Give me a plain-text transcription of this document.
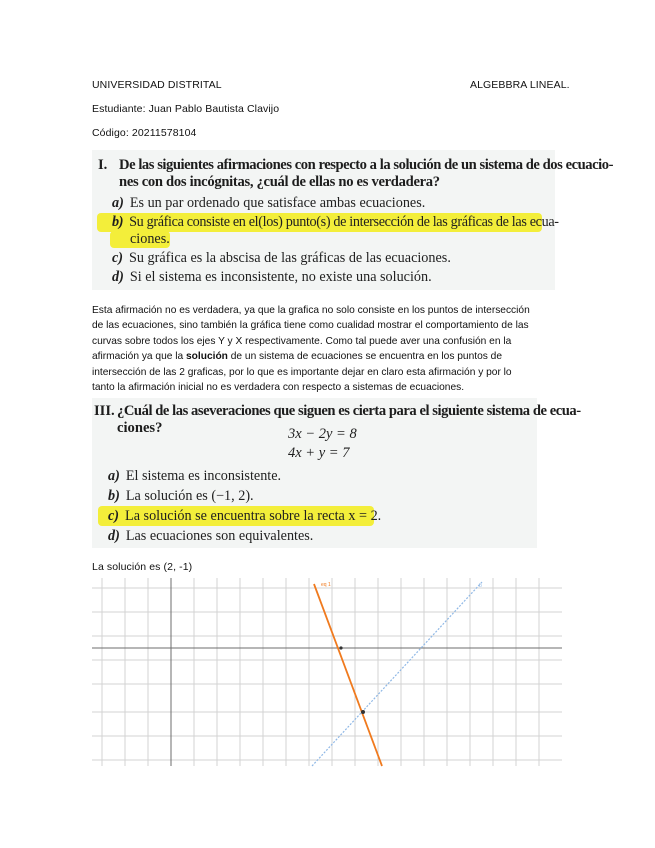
UNIVERSIDAD DISTRITAL	ALGEBBRA LINEAL.
Estudiante: Juan Pablo Bautista Clavijo
Código: 20211578104
I. De las siguientes afirmaciones con respecto a la solución de un sistema de dos ecuacio-
nes con dos incógnitas, ¿cuál de ellas no es verdadera?
a) Es un par ordenado que satisface ambas ecuaciones.
b) Su gráfica consiste en el(los) punto(s) de intersección de las gráficas de las ecua-
ciones.
c) Su gráfica es la abscisa de las gráficas de las ecuaciones.
d) Si el sistema es inconsistente, no existe una solución.
Esta afirmación no es verdadera, ya que la grafica no solo consiste en los puntos de intersección
de las ecuaciones, sino también la gráfica tiene como cualidad mostrar el comportamiento de las
curvas sobre todos los ejes Y y X respectivamente. Como tal puede aver una confusión en la
afirmación ya que la solución de un sistema de ecuaciones se encuentra en los puntos de
intersección de las 2 graficas, por lo que es importante dejar en claro esta afirmación y por lo
tanto la afirmación inicial no es verdadera con respecto a sistemas de ecuaciones.
III. ¿Cuál de las aseveraciones que siguen es cierta para el siguiente sistema de ecua-
ciones?	3x − 2y = 8
4x + y = 7
a) El sistema es inconsistente.
b) La solución es (−1, 2).
c) La solución se encuentra sobre la recta x = 2.
d) Las ecuaciones son equivalentes.
La solución es (2, -1)
eq 1	b
